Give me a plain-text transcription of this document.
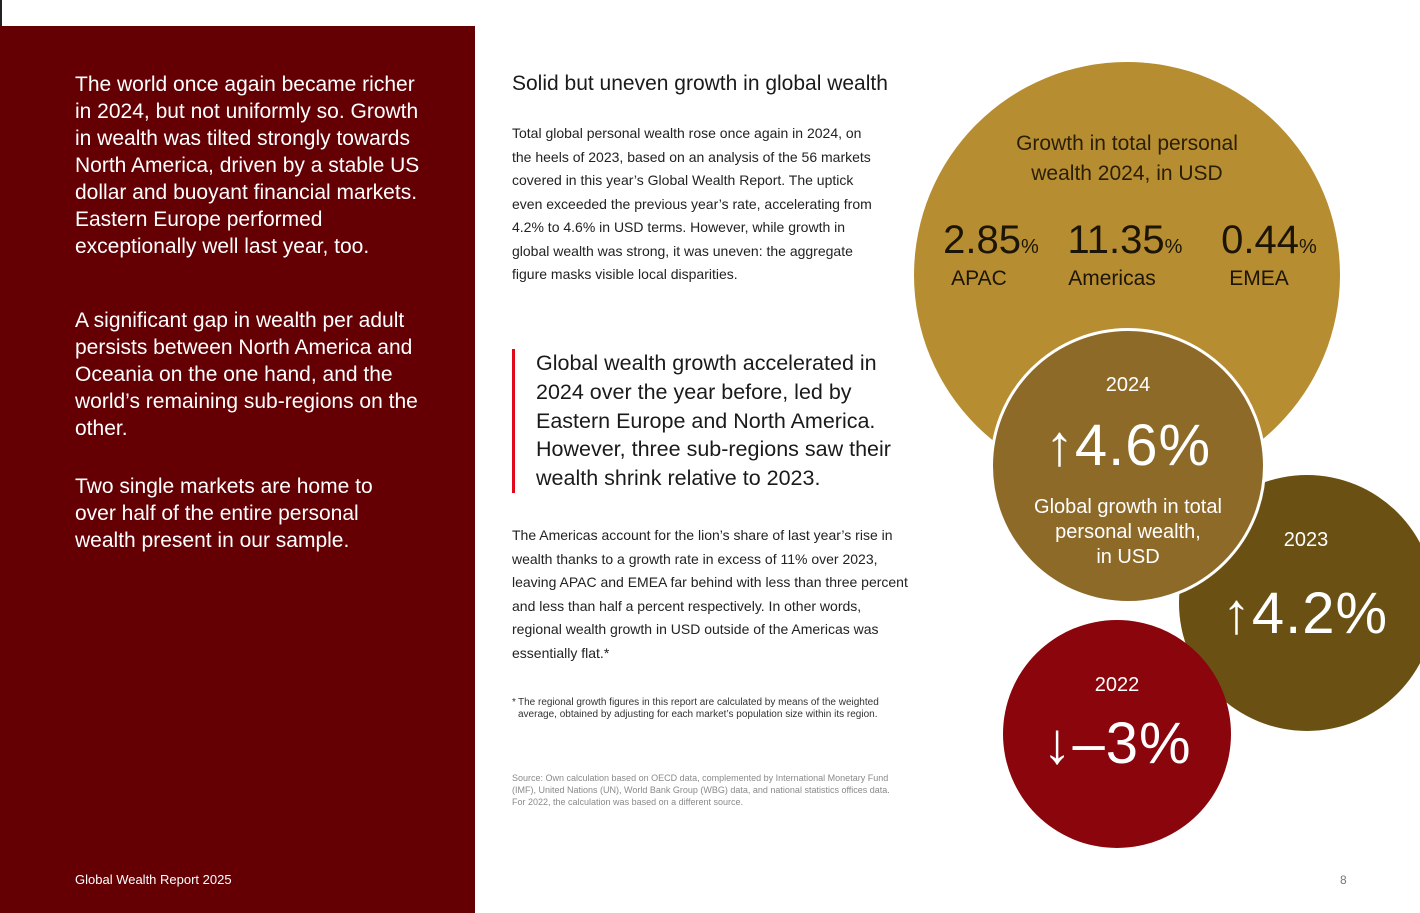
The world once again became richer in 2024, but not uniformly so. Growth in wealth was tilted strongly towards North America, driven by a stable US dollar and buoyant financial markets. Eastern Europe performed exceptionally well last year, too.

A significant gap in wealth per adult persists between North America and Oceania on the one hand, and the world’s remaining sub-regions on the other.

Two single markets are home to over half of the entire personal wealth present in our sample.

Global Wealth Report 2025
Solid but uneven growth in global wealth

Total global personal wealth rose once again in 2024, on the heels of 2023, based on an analysis of the 56 markets covered in this year’s Global Wealth Report. The uptick even exceeded the previous year’s rate, accelerating from 4.2% to 4.6% in USD terms. However, while growth in global wealth was strong, it was uneven: the aggregate figure masks visible local disparities.

Global wealth growth accelerated in 2024 over the year before, led by Eastern Europe and North America. However, three sub-regions saw their wealth shrink relative to 2023.

The Americas account for the lion’s share of last year’s rise in wealth thanks to a growth rate in excess of 11% over 2023, leaving APAC and EMEA far behind with less than three percent and less than half a percent respectively. In other words, regional wealth growth in USD outside of the Americas was essentially flat.*

* The regional growth figures in this report are calculated by means of the weighted average, obtained by adjusting for each market’s population size within its region.
Source: Own calculation based on OECD data, complemented by International Monetary Fund (IMF), United Nations (UN), World Bank Group (WBG) data, and national statistics offices data. For 2022, the calculation was based on a different source.
Growth in total personal
wealth 2024, in USD
2.85% 11.35% 0.44%
APAC	Americas	EMEA
2024
↑4.6%
Global growth in total
personal wealth,
in USD
2023
↑4.2%
2022
↓–3%
8
